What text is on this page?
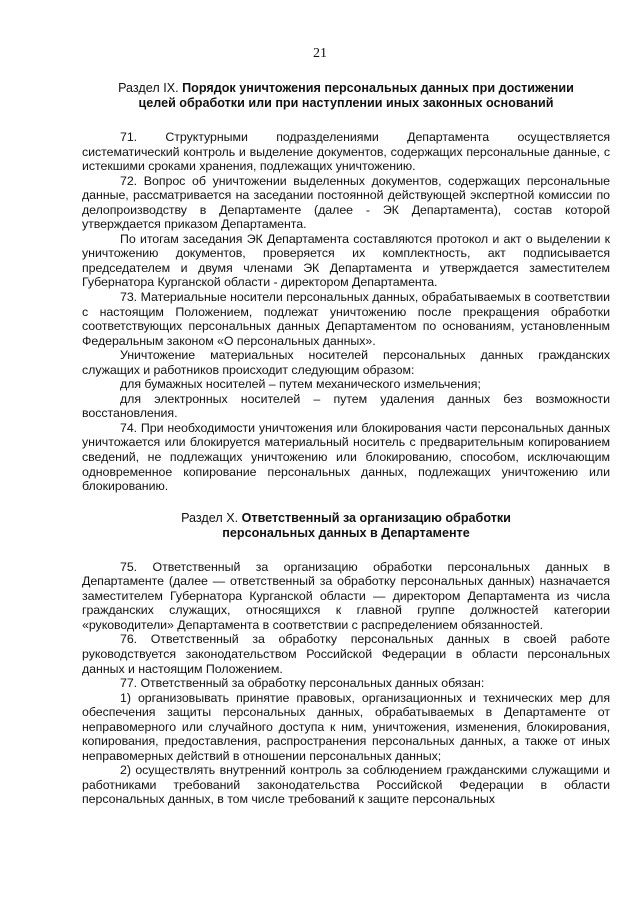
21
Раздел IX. Порядок уничтожения персональных данных при достижении
целей обработки или при наступлении иных законных оснований

71. Структурными подразделениями Департамента осуществляется систематический контроль и выделение документов, содержащих персональные данные, с истекшими сроками хранения, подлежащих уничтожению.

72. Вопрос об уничтожении выделенных документов, содержащих персональные данные, рассматривается на заседании постоянной действующей экспертной комиссии по делопроизводству в Департаменте (далее - ЭК Департамента), состав которой утверждается приказом Департамента.

По итогам заседания ЭК Департамента составляются протокол и акт о выделении к уничтожению документов, проверяется их комплектность, акт подписывается председателем и двумя членами ЭК Департамента и утверждается заместителем Губернатора Курганской области - директором Департамента.

73. Материальные носители персональных данных, обрабатываемых в соответствии с настоящим Положением, подлежат уничтожению после прекращения обработки соответствующих персональных данных Департаментом по основаниям, установленным Федеральным законом «О персональных данных».

Уничтожение материальных носителей персональных данных гражданских служащих и работников происходит следующим образом:

для бумажных носителей – путем механического измельчения;

для электронных носителей – путем удаления данных без возможности восстановления.

74. При необходимости уничтожения или блокирования части персональных данных уничтожается или блокируется материальный носитель с предварительным копированием сведений, не подлежащих уничтожению или блокированию, способом, исключающим одновременное копирование персональных данных, подлежащих уничтожению или блокированию.

Раздел X. Ответственный за организацию обработки
персональных данных в Департаменте

75. Ответственный за организацию обработки персональных данных в Департаменте (далее — ответственный за обработку персональных данных) назначается заместителем Губернатора Курганской области — директором Департамента из числа гражданских служащих, относящихся к главной группе должностей категории «руководители» Департамента в соответствии с распределением обязанностей.

76. Ответственный за обработку персональных данных в своей работе руководствуется законодательством Российской Федерации в области персональных данных и настоящим Положением.

77. Ответственный за обработку персональных данных обязан:

1) организовывать принятие правовых, организационных и технических мер для обеспечения защиты персональных данных, обрабатываемых в Департаменте от неправомерного или случайного доступа к ним, уничтожения, изменения, блокирования, копирования, предоставления, распространения персональных данных, а также от иных неправомерных действий в отношении персональных данных;

2) осуществлять внутренний контроль за соблюдением гражданскими служащими и работниками требований законодательства Российской Федерации в области персональных данных, в том числе требований к защите персональных
